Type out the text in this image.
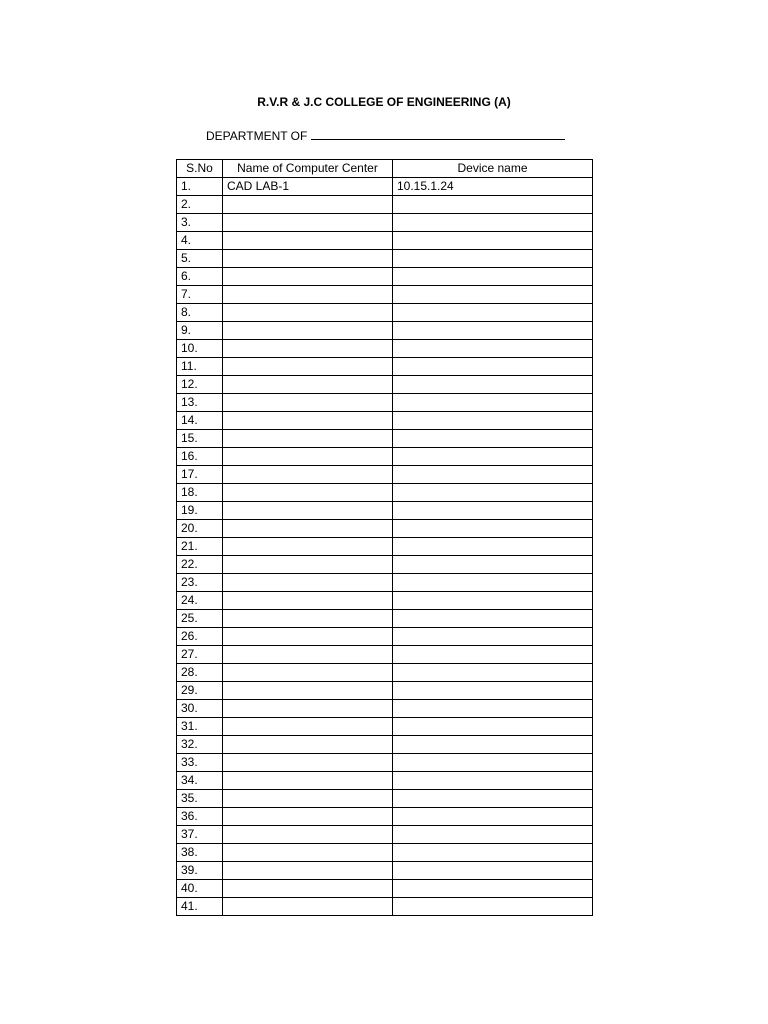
R.V.R & J.C COLLEGE OF ENGINEERING (A)
DEPARTMENT OF
S.No	Name of Computer Center	Device name
1.	CAD LAB-1	10.15.1.24
2.		
3.		
4.		
5.		
6.		
7.		
8.		
9.		
10.		
11.		
12.		
13.		
14.		
15.		
16.		
17.		
18.		
19.		
20.		
21.		
22.		
23.		
24.		
25.		
26.		
27.		
28.		
29.		
30.		
31.		
32.		
33.		
34.		
35.		
36.		
37.		
38.		
39.		
40.		
41.		
